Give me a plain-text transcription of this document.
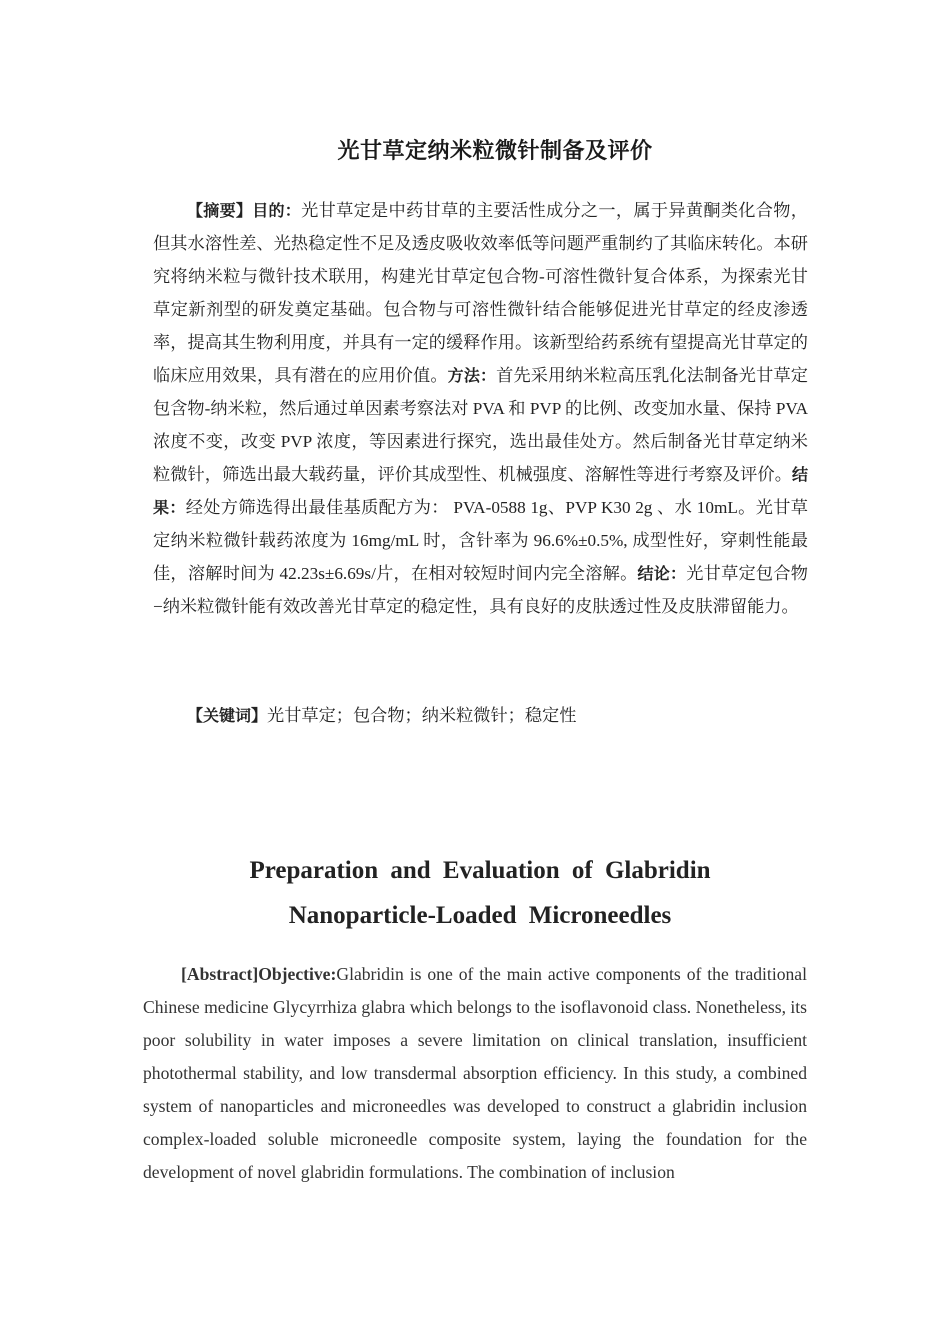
光甘草定纳米粒微针制备及评价

【摘要】目的：光甘草定是中药甘草的主要活性成分之一，属于异黄酮类化合物，但其水溶性差、光热稳定性不足及透皮吸收效率低等问题严重制约了其临床转化。本研究将纳米粒与微针技术联用，构建光甘草定包合物-可溶性微针复合体系，为探索光甘草定新剂型的研发奠定基础。包合物与可溶性微针结合能够促进光甘草定的经皮渗透率，提高其生物利用度，并具有一定的缓释作用。该新型给药系统有望提高光甘草定的临床应用效果，具有潜在的应用价值。方法：首先采用纳米粒高压乳化法制备光甘草定包含物-纳米粒，然后通过单因素考察法对 PVA 和 PVP 的比例、改变加水量、保持 PVA 浓度不变，改变 PVP 浓度，等因素进行探究，选出最佳处方。然后制备光甘草定纳米粒微针，筛选出最大载药量，评价其成型性、机械强度、溶解性等进行考察及评价。结果：经处方筛选得出最佳基质配方为： PVA-0588 1g、PVP K30 2g 、水 10mL。光甘草定纳米粒微针载药浓度为 16mg/mL 时，含针率为 96.6%±0.5%, 成型性好，穿刺性能最佳，溶解时间为 42.23s±6.69s/片，在相对较短时间内完全溶解。结论：光甘草定包合物−纳米粒微针能有效改善光甘草定的稳定性，具有良好的皮肤透过性及皮肤滞留能力。

【关键词】光甘草定；包合物；纳米粒微针；稳定性

Preparation and Evaluation of Glabridin
Nanoparticle-Loaded Microneedles

[Abstract]Objective:Glabridin is one of the main active components of the traditional Chinese medicine Glycyrrhiza glabra which belongs to the isoflavonoid class. Nonetheless, its poor solubility in water imposes a severe limitation on clinical translation, insufficient photothermal stability, and low transdermal absorption efficiency. In this study, a combined system of nanoparticles and microneedles was developed to construct a glabridin inclusion complex-loaded soluble microneedle composite system, laying the foundation for the development of novel glabridin formulations. The combination of inclusion
